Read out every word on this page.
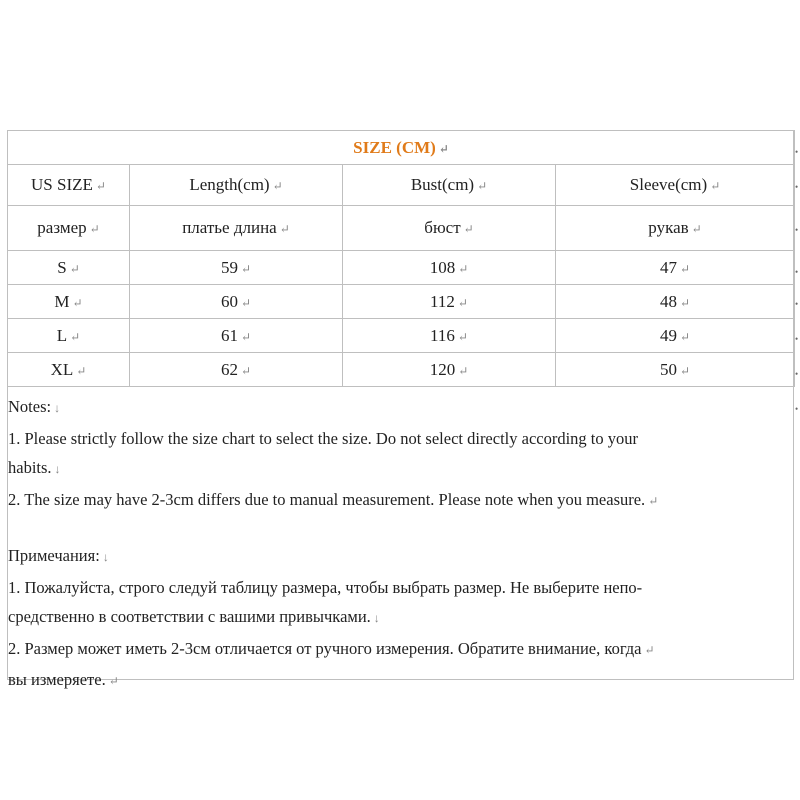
SIZE (CM) ↵			
US SIZE ↵	Length(cm) ↵	Bust(cm) ↵	Sleeve(cm) ↵
размер ↵	платье длина ↵	бюст ↵	рукав ↵
S ↵	59 ↵	108 ↵	47 ↵
M ↵	60 ↵	112 ↵	48 ↵
L ↵	61 ↵	116 ↵	49 ↵
XL ↵	62 ↵	120 ↵	50 ↵

Notes: ↓

1. Please strictly follow the size chart to select the size. Do not select directly according to your

habits. ↓

2. The size may have 2-3cm differs due to manual measurement. Please note when you measure. ↵

Примечания: ↓

1. Пожалуйста, строго следуй таблицу размера, чтобы выбрать размер. Не выберите непо-

средственно в соответствии с вашими привычками. ↓

2. Размер может иметь 2-3см отличается от ручного измерения. Обратите внимание, когда ↵

вы измеряете. ↵

•
•
•
•
•
•
•
•
